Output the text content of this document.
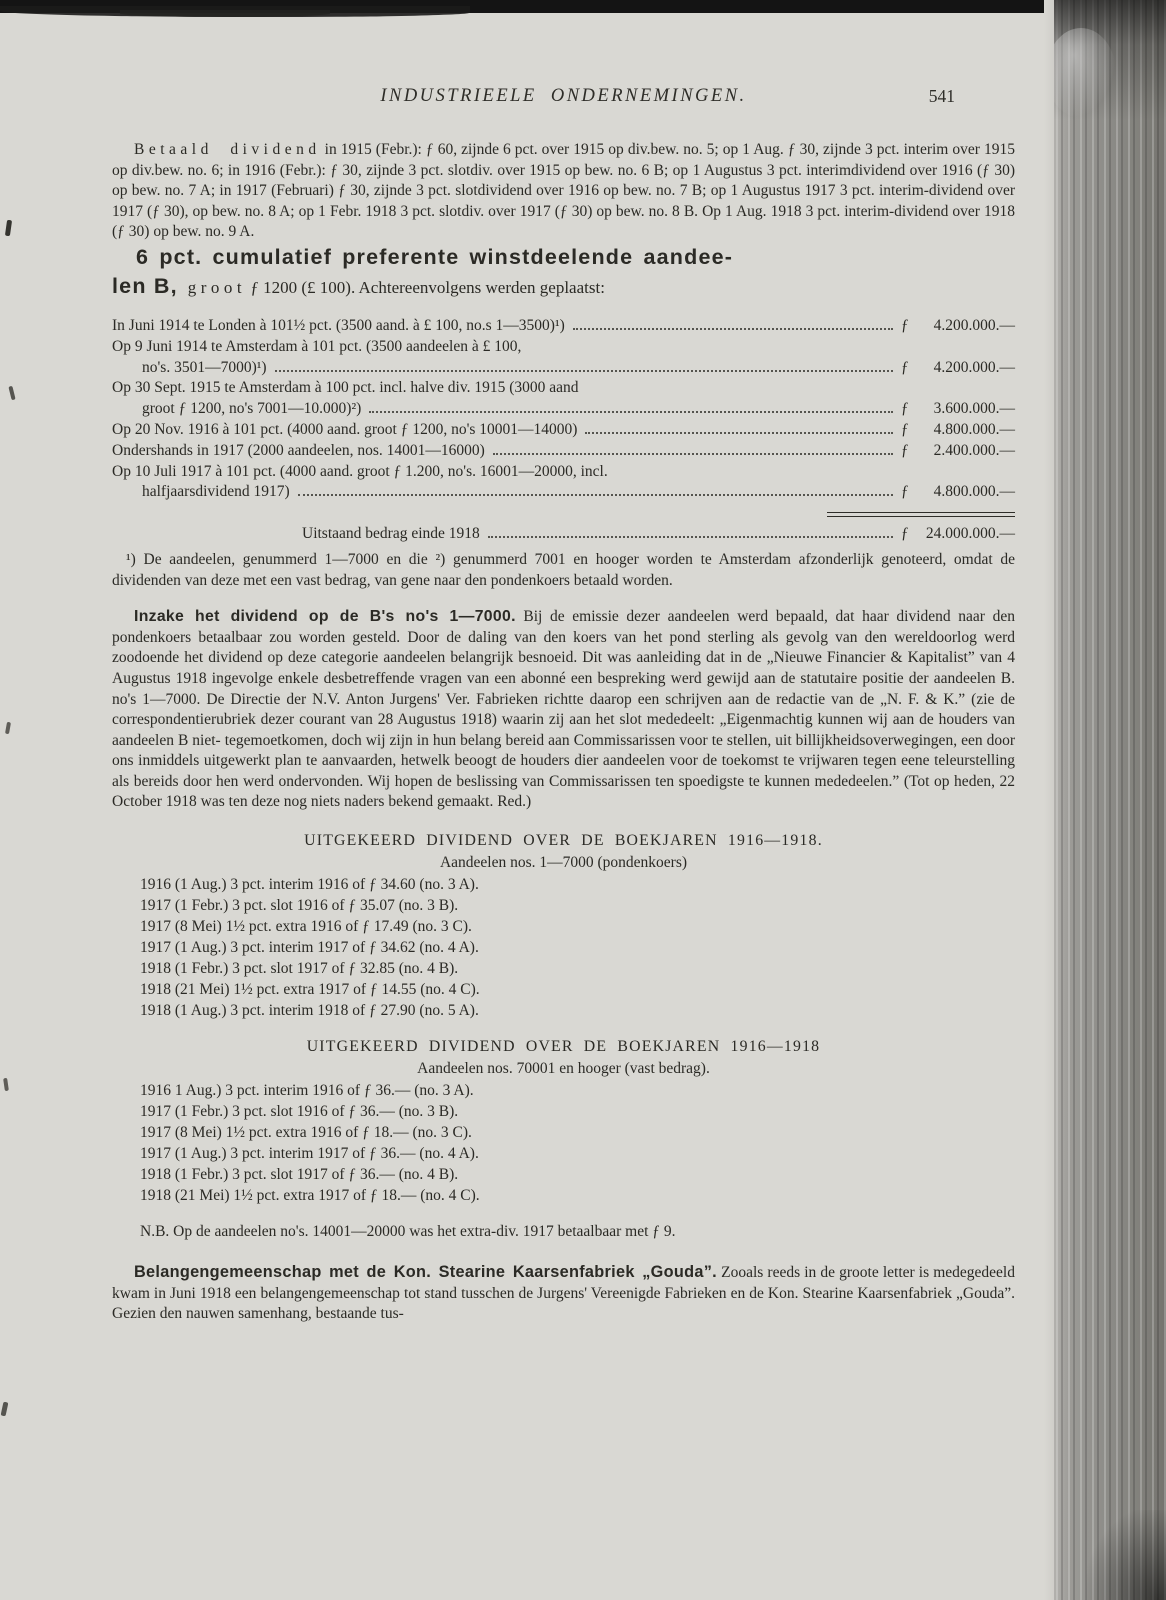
INDUSTRIEELE ONDERNEMINGEN.	541

Betaald dividend in 1915 (Febr.): ƒ 60, zijnde 6 pct. over 1915 op div.bew. no. 5; op 1 Aug. ƒ 30, zijnde 3 pct. interim over 1915 op div.bew. no. 6; in 1916 (Febr.): ƒ 30, zijnde 3 pct. slotdiv. over 1915 op bew. no. 6 B; op 1 Augustus 3 pct. interimdividend over 1916 (ƒ 30) op bew. no. 7 A; in 1917 (Februari) ƒ 30, zijnde 3 pct. slotdividend over 1916 op bew. no. 7 B; op 1 Augustus 1917 3 pct. interim-dividend over 1917 (ƒ 30), op bew. no. 8 A; op 1 Febr. 1918 3 pct. slotdiv. over 1917 (ƒ 30) op bew. no. 8 B. Op 1 Aug. 1918 3 pct. interim-dividend over 1918 (ƒ 30) op bew. no. 9 A.

6 pct. cumulatief preferente winstdeelende aandee-
len B, groot ƒ 1200 (£ 100). Achtereenvolgens werden geplaatst:
In Juni 1914 te Londen à 101½ pct. (3500 aand. à £ 100, no.s 1—3500)¹)	ƒ	4.200.000.—
Op 9 Juni 1914 te Amsterdam à 101 pct. (3500 aandeelen à £ 100,
no's. 3501—7000)¹)	ƒ	4.200.000.—
Op 30 Sept. 1915 te Amsterdam à 100 pct. incl. halve div. 1915 (3000 aand
groot ƒ 1200, no's 7001—10.000)²)	ƒ	3.600.000.—
Op 20 Nov. 1916 à 101 pct. (4000 aand. groot ƒ 1200, no's 10001—14000)	ƒ	4.800.000.—
Ondershands in 1917 (2000 aandeelen, nos. 14001—16000)	ƒ	2.400.000.—
Op 10 Juli 1917 à 101 pct. (4000 aand. groot ƒ 1.200, no's. 16001—20000, incl.
halfjaarsdividend 1917)	ƒ	4.800.000.—
Uitstaand bedrag einde 1918	ƒ	24.000.000.—

¹) De aandeelen, genummerd 1—7000 en die ²) genummerd 7001 en hooger worden te Amsterdam afzonderlijk genoteerd, omdat de dividenden van deze met een vast bedrag, van gene naar den pondenkoers betaald worden.

Inzake het dividend op de B's no's 1—7000. Bij de emissie dezer aandeelen werd bepaald, dat haar dividend naar den pondenkoers betaalbaar zou worden gesteld. Door de daling van den koers van het pond sterling als gevolg van den wereldoorlog werd zoodoende het dividend op deze categorie aandeelen belangrijk besnoeid. Dit was aanleiding dat in de „Nieuwe Financier & Kapitalist” van 4 Augustus 1918 ingevolge enkele desbetreffende vragen van een abonné een bespreking werd gewijd aan de statutaire positie der aandeelen B. no's 1—7000. De Directie der N.V. Anton Jurgens' Ver. Fabrieken richtte daarop een schrijven aan de redactie van de „N. F. & K.” (zie de correspondentierubriek dezer courant van 28 Augustus 1918) waarin zij aan het slot mededeelt: „Eigenmachtig kunnen wij aan de houders van aandeelen B niet- tegemoetkomen, doch wij zijn in hun belang bereid aan Commissarissen voor te stellen, uit billijkheidsoverwegingen, een door ons inmiddels uitgewerkt plan te aanvaarden, hetwelk beoogt de houders dier aandeelen voor de toekomst te vrijwaren tegen eene teleurstelling als bereids door hen werd ondervonden. Wij hopen de beslissing van Commissarissen ten spoedigste te kunnen mededeelen.” (Tot op heden, 22 October 1918 was ten deze nog niets naders bekend gemaakt. Red.)

UITGEKEERD DIVIDEND OVER DE BOEKJAREN 1916—1918.
Aandeelen nos. 1—7000 (pondenkoers)
1916 (1 Aug.) 3 pct. interim 1916 of ƒ 34.60 (no. 3 A).
1917 (1 Febr.) 3 pct. slot 1916 of ƒ 35.07 (no. 3 B).
1917 (8 Mei) 1½ pct. extra 1916 of ƒ 17.49 (no. 3 C).
1917 (1 Aug.) 3 pct. interim 1917 of ƒ 34.62 (no. 4 A).
1918 (1 Febr.) 3 pct. slot 1917 of ƒ 32.85 (no. 4 B).
1918 (21 Mei) 1½ pct. extra 1917 of ƒ 14.55 (no. 4 C).
1918 (1 Aug.) 3 pct. interim 1918 of ƒ 27.90 (no. 5 A).
UITGEKEERD DIVIDEND OVER DE BOEKJAREN 1916—1918
Aandeelen nos. 70001 en hooger (vast bedrag).
1916 1 Aug.) 3 pct. interim 1916 of ƒ 36.— (no. 3 A).
1917 (1 Febr.) 3 pct. slot 1916 of ƒ 36.— (no. 3 B).
1917 (8 Mei) 1½ pct. extra 1916 of ƒ 18.— (no. 3 C).
1917 (1 Aug.) 3 pct. interim 1917 of ƒ 36.— (no. 4 A).
1918 (1 Febr.) 3 pct. slot 1917 of ƒ 36.— (no. 4 B).
1918 (21 Mei) 1½ pct. extra 1917 of ƒ 18.— (no. 4 C).

N.B. Op de aandeelen no's. 14001—20000 was het extra-div. 1917 betaalbaar met ƒ 9.

Belangengemeenschap met de Kon. Stearine Kaarsenfabriek „Gouda”. Zooals reeds in de groote letter is medegedeeld kwam in Juni 1918 een belangengemeenschap tot stand tusschen de Jurgens' Vereenigde Fabrieken en de Kon. Stearine Kaarsenfabriek „Gouda”. Gezien den nauwen samenhang, bestaande tus-
